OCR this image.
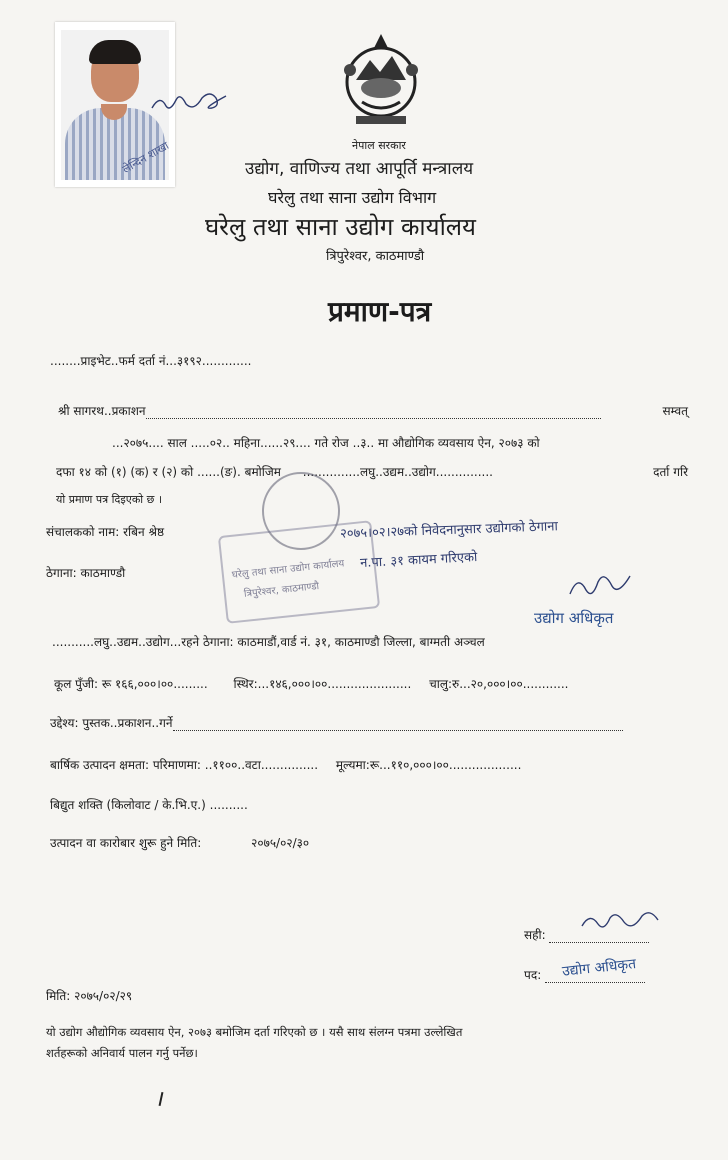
लेन्दिन शाखा	नेपाल सरकार
उद्योग, वाणिज्य तथा आपूर्ति मन्त्रालय
घरेलु तथा साना उद्योग विभाग
घरेलु तथा साना उद्योग कार्यालय
त्रिपुरेश्वर, काठमाण्डौ
प्रमाण-पत्र
........प्राइभेट..फर्म दर्ता नं...३१९२.............
श्री सागरथ..प्रकाशन	सम्वत्
...२०७५.... साल .....०२.. महिना......२९.... गते रोज ..३.. मा औद्योगिक व्यवसाय ऐन, २०७३ को
दफा १४ को (१) (क) र (२) को ......(ङ). बमोजिम ...............लघु..उद्यम..उद्योग...............	दर्ता गरि
यो प्रमाण पत्र दिइएको छ ।
संचालकको नाम: रबिन श्रेष्ठ	२०७५।०२।२७को निवेदनानुसार उद्योगको ठेगाना
न.पा. ३१ कायम गरिएको
ठेगाना: काठमाण्डौ	घरेलु तथा साना उद्योग कार्यालय
त्रिपुरेश्वर, काठमाण्डौ
उद्योग अधिकृत
...........लघु..उद्यम..उद्योग...रहने ठेगाना: काठमाडौं,वार्ड नं. ३१, काठमाण्डौ जिल्ला, बाग्मती अञ्चल
कूल पुँजी: रू १६६,०००।००......... स्थिर:...१४६,०००।००...................... चालु:रु...२०,०००।००............
उद्देश्य: पुस्तक..प्रकाशन..गर्ने
बार्षिक उत्पादन क्षमता: परिमाणमा: ..११००..वटा............... मूल्यमा:रू...११०,०००।००...................
बिद्युत शक्ति (किलोवाट / के.भि.ए.) ..........
उत्पादन वा कारोबार शुरू हुने मिति:	२०७५/०२/३०
सही:
पद:	उद्योग अधिकृत
मिति: २०७५/०२/२९
यो उद्योग औद्योगिक व्यवसाय ऐन, २०७३ बमोजिम दर्ता गरिएको छ । यसै साथ संलग्न पत्रमा उल्लेखित
शर्तहरूको अनिवार्य पालन गर्नु पर्नेछ।
